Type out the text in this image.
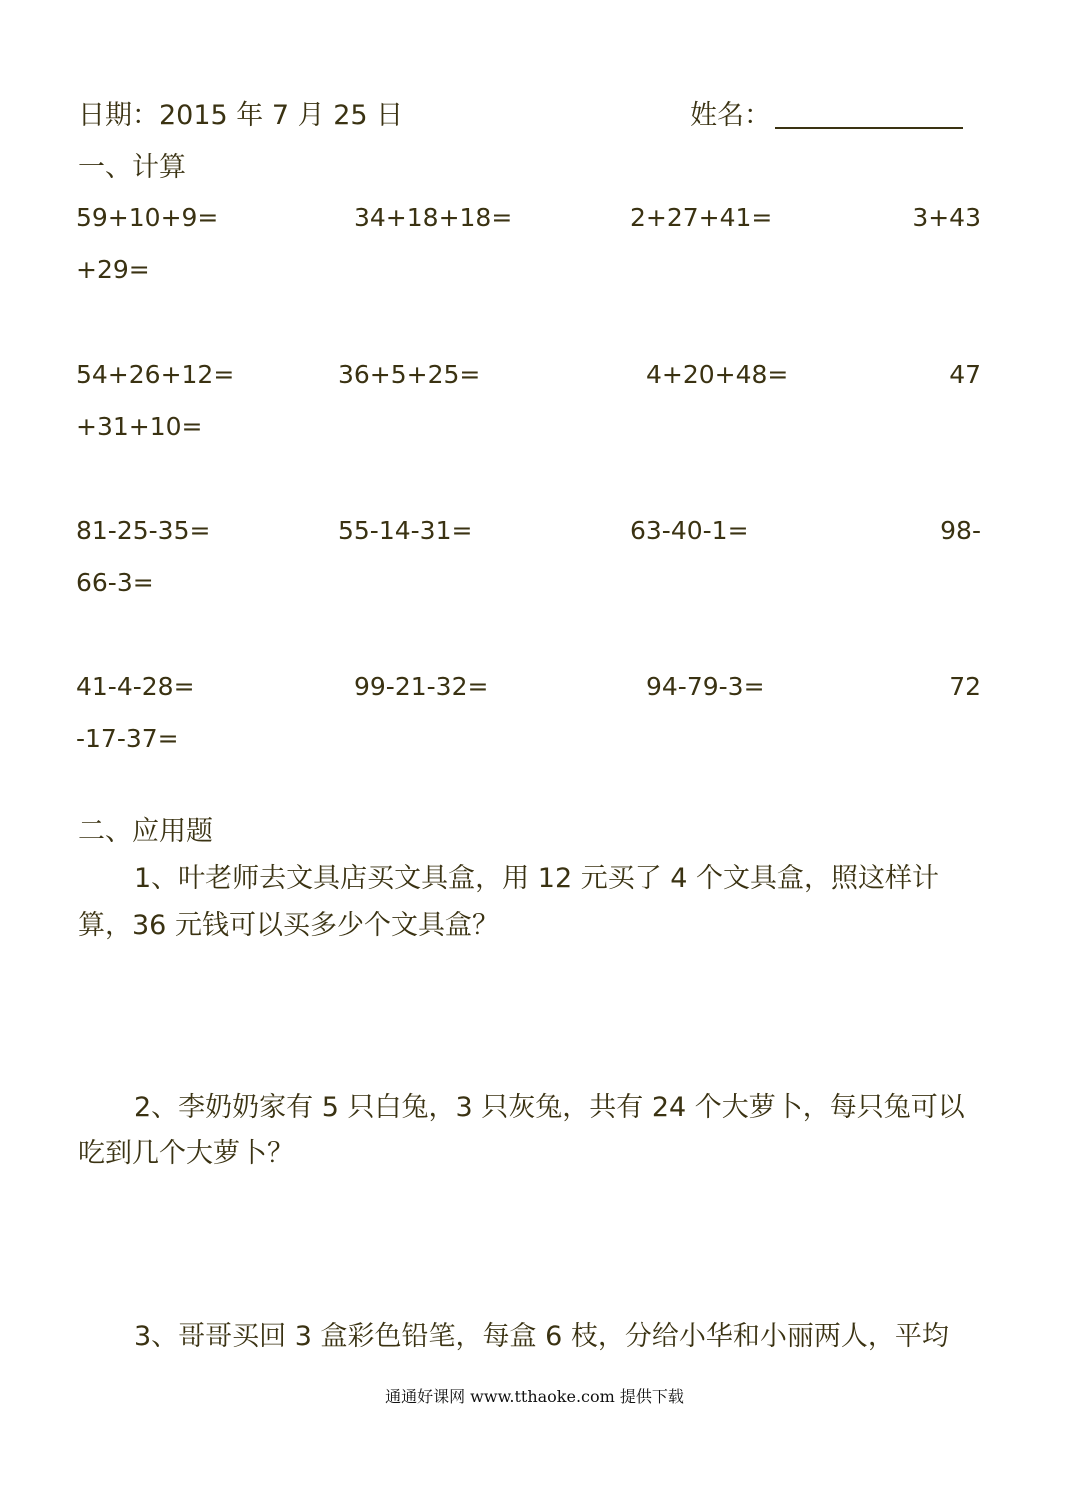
日期：2015 年 7 月 25 日	姓名：
一、计算
59+10+9=	34+18+18=	2+27+41=	3+43
+29=
54+26+12=	36+5+25=	4+20+48=	47
+31+10=
81-25-35=	55-14-31=	63-40-1=	98-
66-3=
41-4-28=	99-21-32=	94-79-3=	72
-17-37=
二、应用题
1、叶老师去文具店买文具盒，用 12 元买了 4 个文具盒，照这样计
算，36 元钱可以买多少个文具盒？
2、李奶奶家有 5 只白兔，3 只灰兔，共有 24 个大萝卜，每只兔可以
吃到几个大萝卜？
3、哥哥买回 3 盒彩色铅笔，每盒 6 枝，分给小华和小丽两人，平均
通通好课网 www.tthaoke.com 提供下载
